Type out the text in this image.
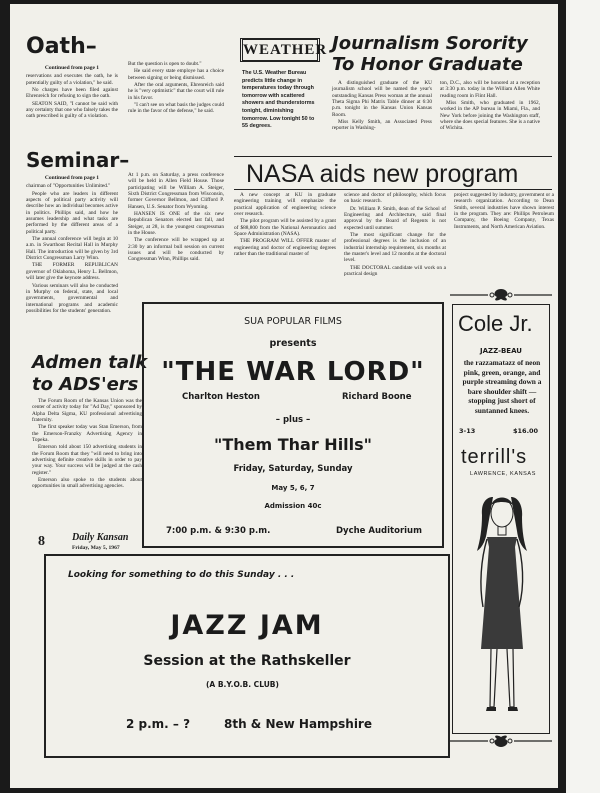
Oath–
Continued from page 1

reservations and executes the oath, he is potentially guilty of a violation," he said.

No charges have been filed against Ehrenreich for refusing to sign the oath.

SEATON SAID, "I cannot be said with any certainty that one who falsely takes the oath prescribed is guilty of a violation.

But the question is open to doubt."

He said every state employe has a choice between signing or being dismissed.

After the oral arguments, Ehrenreich said he is "very optimistic" that the court will rule in his favor.

"I can't see on what basis the judges could rule in the favor of the defense," he said.

WEATHER
The U.S. Weather Bureau predicts little change in temperatures today through tomorrow with scattered showers and thunderstorms tonight, diminishing tomorrow. Low tonight 50 to 55 degrees.
Journalism Sorority
To Honor Graduate

A distinguished graduate of the KU journalism school will be named the year's outstanding Kansas Press woman at the annual Theta Sigma Phi Matrix Table dinner at 6:30 p.m. tonight in the Kansas Union Kansas Room.

Miss Kelly Smith, an Associated Press reporter in Washing-

ton, D.C., also will be honored at a reception at 3:30 p.m. today in the William Allen White reading room in Flint Hall.

Miss Smith, who graduated in 1962, worked in the AP bureau in Miami, Fla., and New York before joining the Washington staff, where she does special features. She is a native of Wichita.

Seminar–
Continued from page 1

chairman of "Opportunities Unlimited."

People who are leaders in different aspects of political party activity will describe how an individual becomes active in politics. Phillips said, and how he assumes leadership and what tasks are performed by the different areas of a political party.

The annual conference will begin at 10 a.m. in Swarthout Recital Hall in Murphy Hall. The introduction will be given by 3rd District Congressman Larry Winn.

THE FORMER REPUBLICAN governor of Oklahoma, Henry L. Bellmon, will later give the keynote address.

Various seminars will also be conducted in Murphy on federal, state, and local governments, governmental and international programs and academic possibilities for the students' generation.

At 1 p.m. on Saturday, a press conference will be held in Allen Field House. Those participating will be William A. Steiger, Sixth District Congressman from Wisconsin, former Governor Bellmon, and Clifford P. Hansen, U.S. Senator from Wyoming.

HANSEN IS ONE of the six new Republican Senators elected last fall, and Steiger, at 28, is the youngest congressman in the House.

The conference will be wrapped up at 2:30 by an informal bull session on current issues and will be conducted by Congressman Winn, Phillips said.

NASA aids new program

A new concept at KU in graduate engineering training will emphasize the practical application of engineering science over research.

The pilot program will be assisted by a grant of $88,800 from the National Aeronautics and Space Administration (NASA).

THE PROGRAM WILL OFFER master of engineering and doctor of engineering degrees rather than the traditional master of

science and doctor of philosophy, which focus on basic research.

Dr. William P. Smith, dean of the School of Engineering and Architecture, said final approval by the Board of Regents is not expected until summer.

The most significant change for the professional degrees is the inclusion of an industrial internship requirement, six months at the master's level and 12 months at the doctoral level.

THE DOCTORAL candidate will work on a practical design

project suggested by industry, government or a research organization. According to Dean Smith, several industries have shown interest in the program. They are: Phillips Petroleum Company, the Boeing Company, Texas Instruments, and North American Aviation.

Admen talk
to ADS'ers

The Forum Room of the Kansas Union was the center of activity today for "Ad Day," sponsored by Alpha Delta Sigma, KU professional advertising fraternity.

The first speaker today was Stan Emerson, from the Emerson-Franzky Advertising Agency in Topeka.

Emerson told about 150 advertising students in the Forum Room that they "will need to bring into advertising definite creative skills in order to pay your way. Your success will be judged at the cash register."

Emerson also spoke to the students about opportunities in small advertising agencies.

8	Daily Kansan
Friday, May 5, 1967
SUA POPULAR FILMS
presents
"THE WAR LORD"
Charlton Heston	Richard Boone
– plus –
"Them Thar Hills"
Friday, Saturday, Sunday
May 5, 6, 7
Admission 40c
7:00 p.m. & 9:30 p.m.	Dyche Auditorium
Looking for something to do this Sunday . . .
JAZZ JAM
Session at the Rathskeller
(A B.Y.O.B. CLUB)
2 p.m. – ?	8th & New Hampshire
Cole Jr.
JAZZ-BEAU
the razzamatazz of neon pink, green, orange, and purple streaming down a bare shoulder shift — stopping just short of suntanned knees.
3-13	$16.00
terrill's
LAWRENCE, KANSAS
